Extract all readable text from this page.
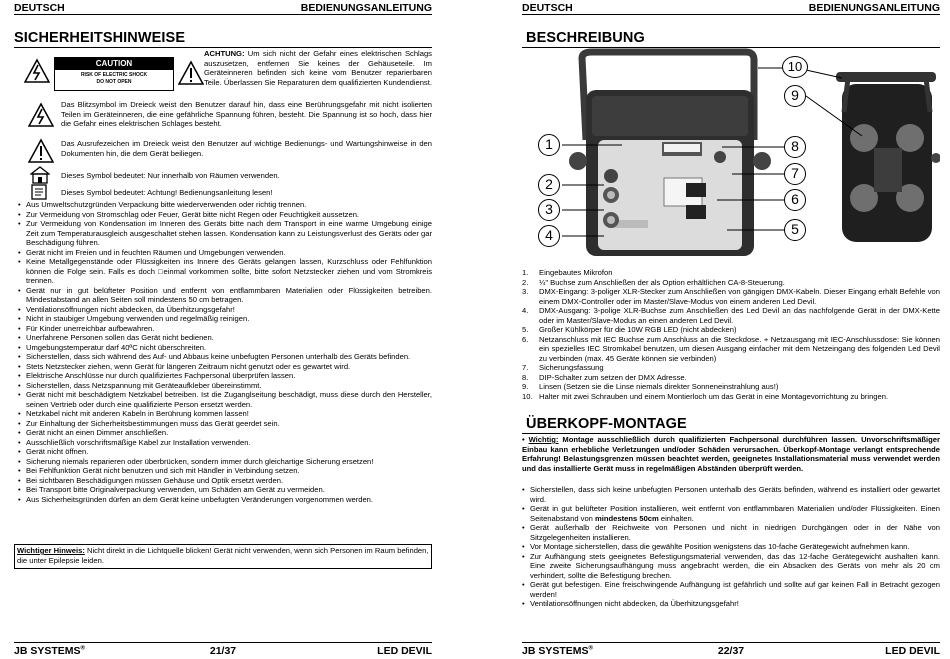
DEUTSCH	BEDIENUNGSANLEITUNG
SICHERHEITSHINWEISE
CAUTION
RISK OF ELECTRIC SHOCK
DO NOT OPEN
ACHTUNG: Um sich nicht der Gefahr eines elektrischen Schlags auszusetzen, entfernen Sie keines der Gehäuseteile. Im Geräteinneren befinden sich keine vom Benutzer reparierbaren Teile. Überlassen Sie Reparaturen dem qualifizierten Kundendienst.
Das Blitzsymbol im Dreieck weist den Benutzer darauf hin, dass eine Berührungsgefahr mit nicht isolierten Teilen im Geräteinneren, die eine gefährliche Spannung führen, besteht. Die Spannung ist so hoch, dass hier die Gefahr eines elektrischen Schlages besteht.
Das Ausrufezeichen im Dreieck weist den Benutzer auf wichtige Bedienungs- und Wartungshinweise in den Dokumenten hin, die dem Gerät beiliegen.
Dieses Symbol bedeutet: Nur innerhalb von Räumen verwenden.
Dieses Symbol bedeutet: Achtung! Bedienungsanleitung lesen!
• Aus Umweltschutzgründen Verpackung bitte wiederverwenden oder richtig trennen.
• Zur Vermeidung von Stromschlag oder Feuer, Gerät bitte nicht Regen oder Feuchtigkeit aussetzen.
• Zur Vermeidung von Kondensation im Inneren des Geräts bitte nach dem Transport in eine warme Umgebung einige Zeit zum Temperaturausgleich ausgeschaltet stehen lassen. Kondensation kann zu Leistungsverlust des Geräts oder gar Beschädigung führen.
• Gerät nicht im Freien und in feuchten Räumen und Umgebungen verwenden.
• Keine Metallgegenstände oder Flüssigkeiten ins Innere des Geräts gelangen lassen, Kurzschluss oder Fehlfunktion können die Folge sein. Falls es doch □einmal vorkommen sollte, bitte sofort Netzstecker ziehen und vom Stromkreis trennen.
• Gerät nur in gut belüfteter Position und entfernt von entflammbaren Materialien oder Flüssigkeiten betreiben. Mindestabstand an allen Seiten soll mindestens 50 cm betragen.
• Ventilationsöffnungen nicht abdecken, da Überhitzungsgefahr!
• Nicht in staubiger Umgebung verwenden und regelmäßig reinigen.
• Für Kinder unerreichbar aufbewahren.
• Unerfahrene Personen sollen das Gerät nicht bedienen.
• Umgebungstemperatur darf 40ºC nicht überschreiten.
• Sicherstellen, dass sich während des Auf- und Abbaus keine unbefugten Personen unterhalb des Geräts befinden.
• Stets Netzstecker ziehen, wenn Gerät für längeren Zeitraum nicht genutzt oder es gewartet wird.
• Elektrische Anschlüsse nur durch qualifiziertes Fachpersonal überprüfen lassen.
• Sicherstellen, dass Netzspannung mit Geräteaufkleber übereinstimmt.
• Gerät nicht mit beschädigtem Netzkabel betreiben. Ist die Zuganglseitung beschädigt, muss diese durch den Hersteller, seinen Vertrieb oder durch eine qualifizierte Person ersetzt werden.
• Netzkabel nicht mit anderen Kabeln in Berührung kommen lassen!
• Zur Einhaltung der Sicherheitsbestimmungen muss das Gerät geerdet sein.
• Gerät nicht an einen Dimmer anschließen.
• Ausschließlich vorschriftsmäßige Kabel zur Installation verwenden.
• Gerät nicht öffnen.
• Sicherung niemals reparieren oder überbrücken, sondern immer durch gleichartige Sicherung ersetzen!
• Bei Fehlfunktion Gerät nicht benutzen und sich mit Händler in Verbindung setzen.
• Bei sichtbaren Beschädigungen müssen Gehäuse und Optik ersetzt werden.
• Bei Transport bitte Originalverpackung verwenden, um Schäden am Gerät zu vermeiden.
• Aus Sicherheitsgründen dürfen an dem Gerät keine unbefugten Veränderungen vorgenommen werden.
Wichtiger Hinweis: Nicht direkt in die Lichtquelle blicken! Gerät nicht verwenden, wenn sich Personen im Raum befinden, die unter Epilepsie leiden.
JB SYSTEMS®	21/37	LED DEVIL
DEUTSCH	BEDIENUNGSANLEITUNG
BESCHREIBUNG
1
2
3
4	5
6
7
8
9
10
1. Eingebautes Mikrofon
2. ¼" Buchse zum Anschließen der als Option erhältlichen CA-8-Steuerung.
3. DMX-Eingang: 3-poliger XLR-Stecker zum Anschließen von gängigen DMX-Kabeln. Dieser Eingang erhält Befehle von einem DMX-Controller oder im Master/Slave-Modus von einem anderen Led Devil.
4. DMX-Ausgang: 3-polige XLR-Buchse zum Anschließen des Led Devil an das nachfolgende Gerät in der DMX-Kette oder im Master/Slave-Modus an einen anderen Led Devil.
5. Großer Kühlkörper für die 10W RGB LED (nicht abdecken)
6. Netzanschluss mit IEC Buchse zum Anschluss an die Steckdose. + Netzausgang mit IEC-Anschlussdose: Sie können ein spezielles IEC Stromkabel benutzen, um diesen Ausgang einfacher mit dem Netzeingang des folgenden Led Devil zu verbinden (max. 45 Geräte können sie verbinden)
7. Sicherungsfassung
8. DIP-Schalter zum setzen der DMX Adresse.
9. Linsen (Setzen sie die Linse niemals direkter Sonneneinstrahlung aus!)
10. Halter mit zwei Schrauben und einem Montierloch um das Gerät in eine Montagevorrichtung zu bringen.
ÜBERKOPF-MONTAGE
• Wichtig: Montage ausschließlich durch qualifizierten Fachpersonal durchführen lassen. Unvorschriftsmäßiger Einbau kann erhebliche Verletzungen und/oder Schäden verursachen. Überkopf-Montage verlangt entsprechende Erfahrung! Belastungsgrenzen müssen beachtet werden, geeignetes Installationsmaterial muss verwendet werden und das installierte Gerät muss in regelmäßigen Abständen überprüft werden.
• Sicherstellen, dass sich keine unbefugten Personen unterhalb des Geräts befinden, während es installiert oder gewartet wird.
• Gerät in gut belüfteter Position installieren, weit entfernt von entflammbaren Materialien und/oder Flüssigkeiten. Einen Seitenabstand von mindestens 50cm einhalten.
• Gerät außerhalb der Reichweite von Personen und nicht in niedrigen Durchgängen oder in der Nähe von Sitzgelegenheiten installieren.
• Vor Montage sicherstellen, dass die gewählte Position wenigstens das 10-fache Gerätegewicht aufnehmen kann.
• Zur Aufhängung stets geeignetes Befestigungsmaterial verwenden, das das 12-fache Gerätegewicht aushalten kann. Eine zweite Sicherungsaufhängung muss angebracht werden, die ein Absacken des Geräts von mehr als 20 cm verhindert, sollte die Befestigung brechen.
• Gerät gut befestigen. Eine freischwingende Aufhängung ist gefährlich und sollte auf gar keinen Fall in Betracht gezogen werden!
• Ventilationsöffnungen nicht abdecken, da Überhitzungsgefahr!
JB SYSTEMS®	22/37	LED DEVIL
